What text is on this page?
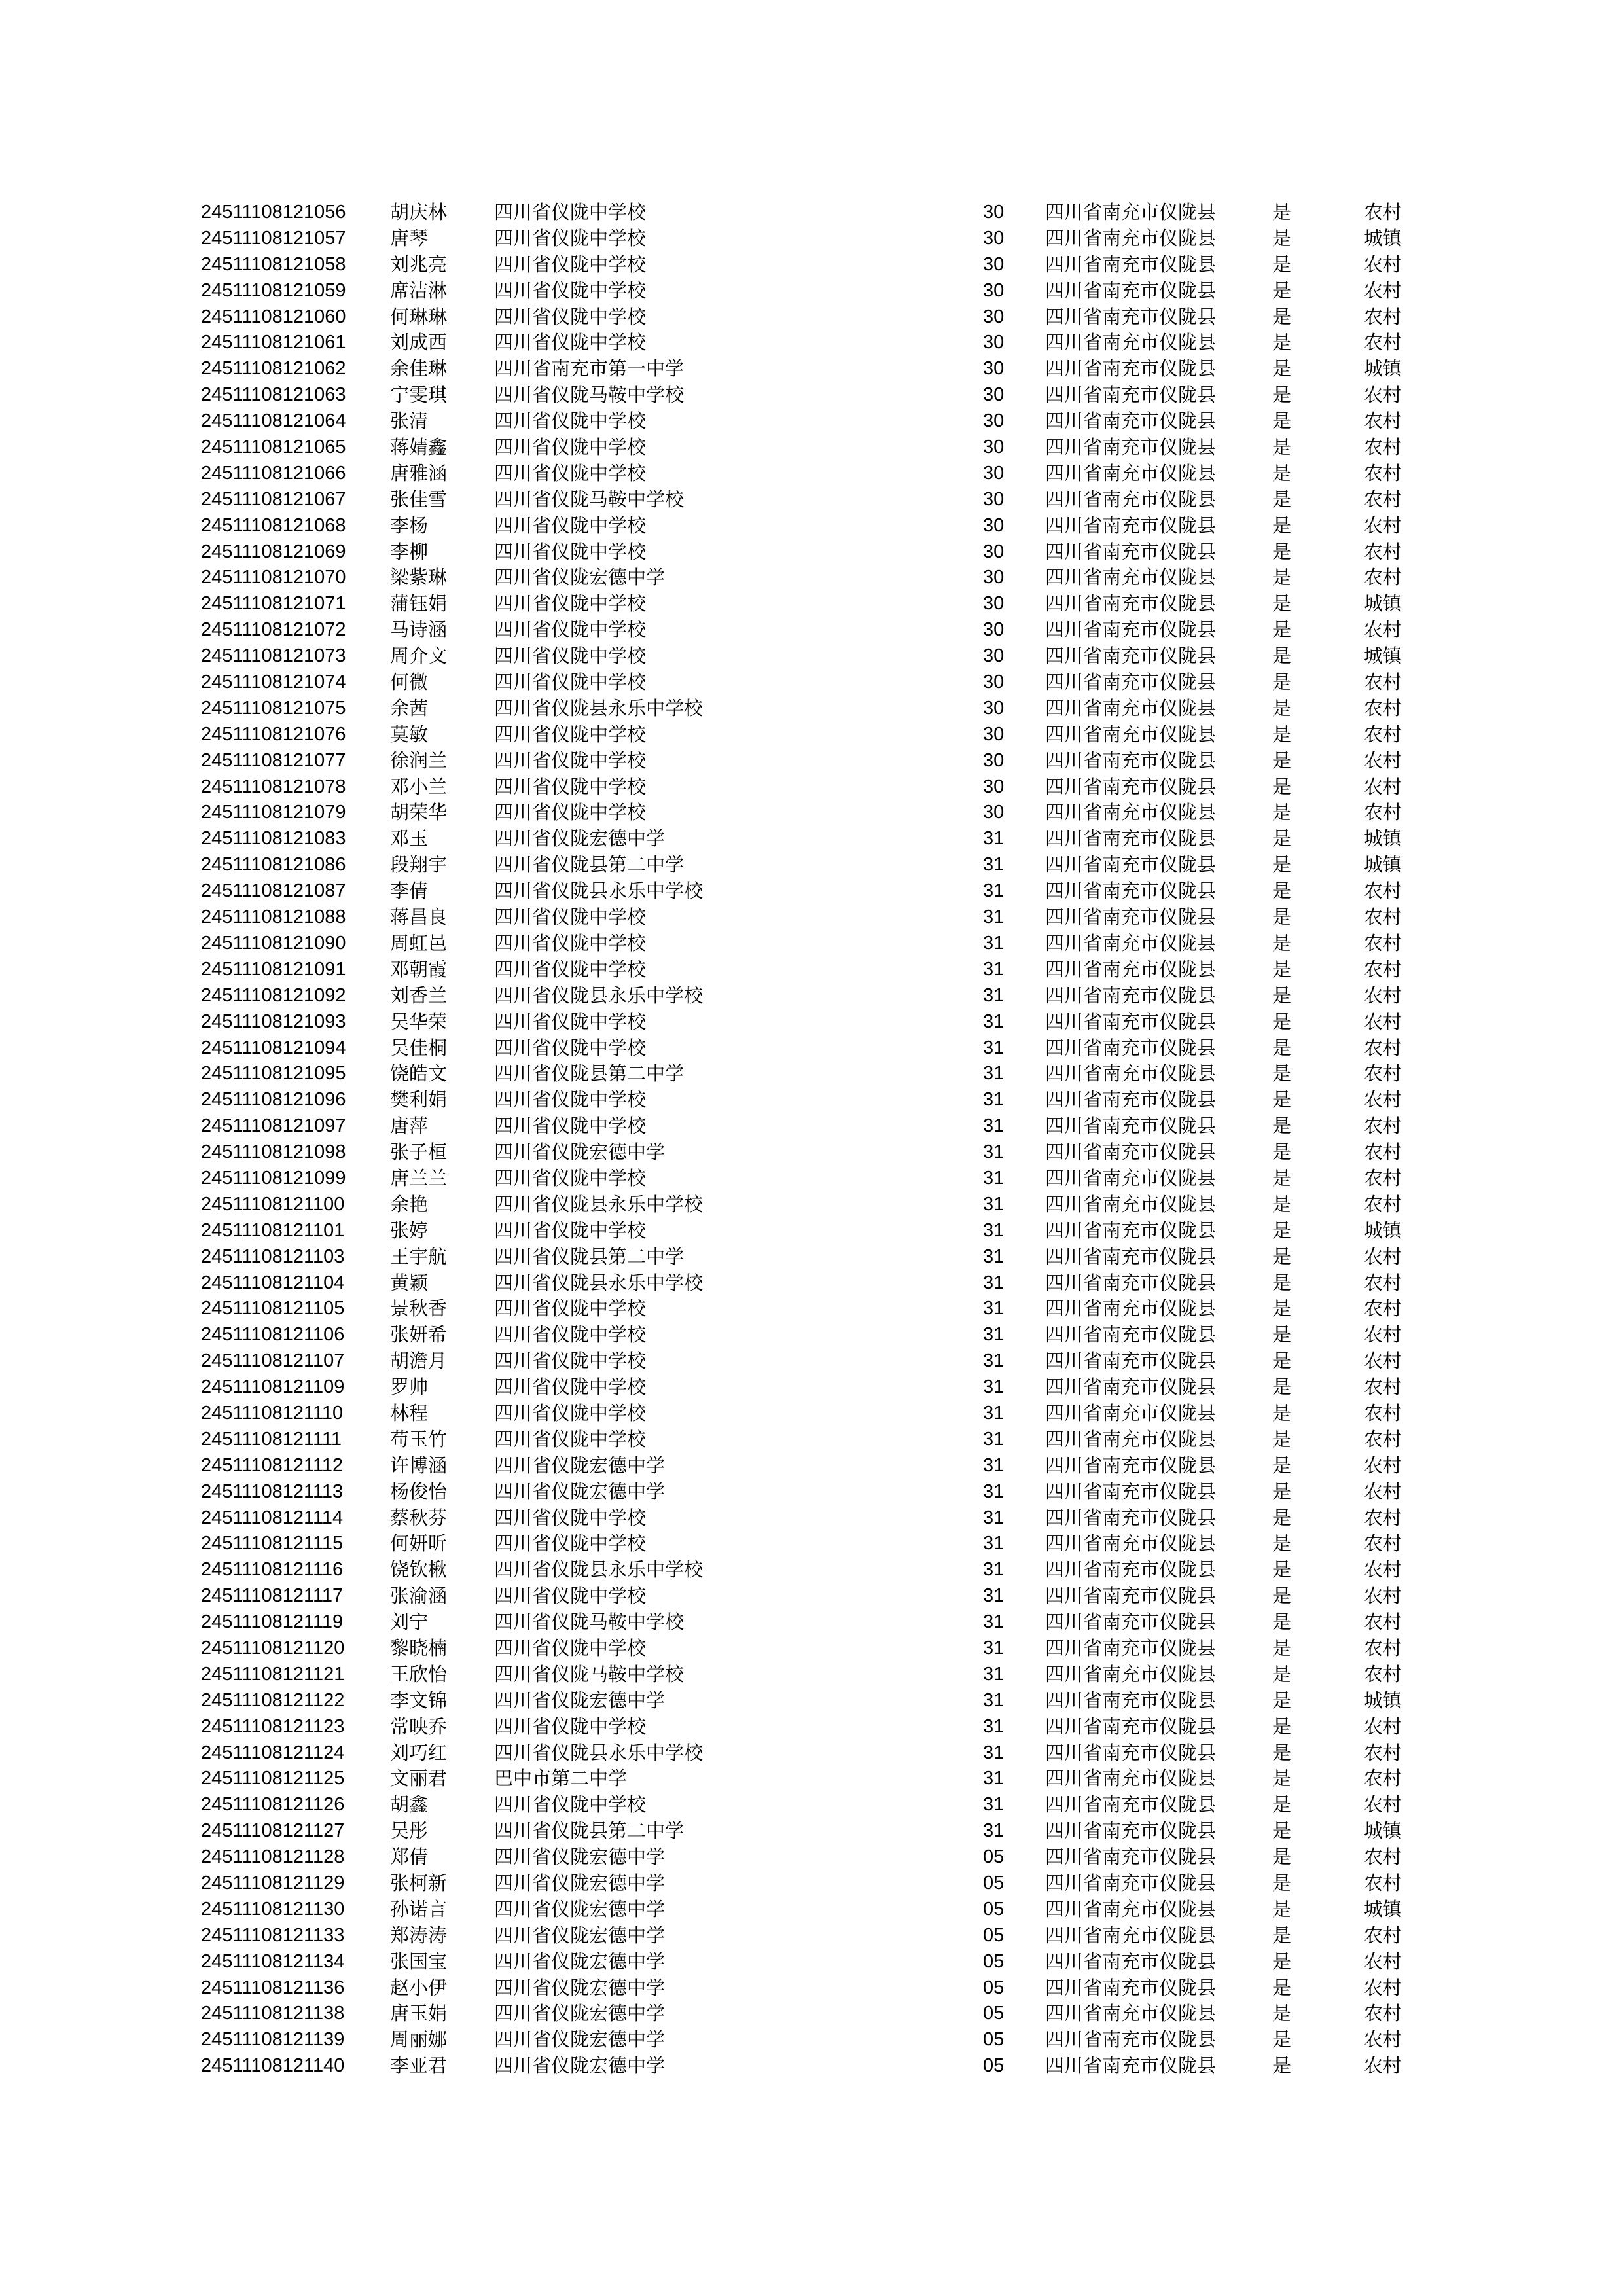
24511108121056 胡庆林 四川省仪陇中学校	30 四川省南充市仪陇县	是	农村
24511108121057 唐琴	四川省仪陇中学校	30 四川省南充市仪陇县	是	城镇
24511108121058 刘兆亮 四川省仪陇中学校	30 四川省南充市仪陇县	是	农村
24511108121059 席洁淋 四川省仪陇中学校	30 四川省南充市仪陇县	是	农村
24511108121060 何琳琳 四川省仪陇中学校	30 四川省南充市仪陇县	是	农村
24511108121061 刘成西 四川省仪陇中学校	30 四川省南充市仪陇县	是	农村
24511108121062 余佳琳 四川省南充市第一中学	30 四川省南充市仪陇县	是	城镇
24511108121063 宁雯琪 四川省仪陇马鞍中学校	30 四川省南充市仪陇县	是	农村
24511108121064 张清	四川省仪陇中学校	30 四川省南充市仪陇县	是	农村
24511108121065 蒋婧鑫 四川省仪陇中学校	30 四川省南充市仪陇县	是	农村
24511108121066 唐雅涵 四川省仪陇中学校	30 四川省南充市仪陇县	是	农村
24511108121067 张佳雪 四川省仪陇马鞍中学校	30 四川省南充市仪陇县	是	农村
24511108121068 李杨	四川省仪陇中学校	30 四川省南充市仪陇县	是	农村
24511108121069 李柳	四川省仪陇中学校	30 四川省南充市仪陇县	是	农村
24511108121070 梁紫琳 四川省仪陇宏德中学	30 四川省南充市仪陇县	是	农村
24511108121071 蒲钰娟 四川省仪陇中学校	30 四川省南充市仪陇县	是	城镇
24511108121072 马诗涵 四川省仪陇中学校	30 四川省南充市仪陇县	是	农村
24511108121073 周介文 四川省仪陇中学校	30 四川省南充市仪陇县	是	城镇
24511108121074 何微	四川省仪陇中学校	30 四川省南充市仪陇县	是	农村
24511108121075 余茜	四川省仪陇县永乐中学校	30 四川省南充市仪陇县	是	农村
24511108121076 莫敏	四川省仪陇中学校	30 四川省南充市仪陇县	是	农村
24511108121077 徐润兰 四川省仪陇中学校	30 四川省南充市仪陇县	是	农村
24511108121078 邓小兰 四川省仪陇中学校	30 四川省南充市仪陇县	是	农村
24511108121079 胡荣华 四川省仪陇中学校	30 四川省南充市仪陇县	是	农村
24511108121083 邓玉	四川省仪陇宏德中学	31 四川省南充市仪陇县	是	城镇
24511108121086 段翔宇 四川省仪陇县第二中学	31 四川省南充市仪陇县	是	城镇
24511108121087 李倩	四川省仪陇县永乐中学校	31 四川省南充市仪陇县	是	农村
24511108121088 蒋昌良 四川省仪陇中学校	31 四川省南充市仪陇县	是	农村
24511108121090 周虹邑 四川省仪陇中学校	31 四川省南充市仪陇县	是	农村
24511108121091 邓朝霞 四川省仪陇中学校	31 四川省南充市仪陇县	是	农村
24511108121092 刘香兰 四川省仪陇县永乐中学校	31 四川省南充市仪陇县	是	农村
24511108121093 吴华荣 四川省仪陇中学校	31 四川省南充市仪陇县	是	农村
24511108121094 吴佳桐 四川省仪陇中学校	31 四川省南充市仪陇县	是	农村
24511108121095 饶皓文 四川省仪陇县第二中学	31 四川省南充市仪陇县	是	农村
24511108121096 樊利娟 四川省仪陇中学校	31 四川省南充市仪陇县	是	农村
24511108121097 唐萍	四川省仪陇中学校	31 四川省南充市仪陇县	是	农村
24511108121098 张子桓 四川省仪陇宏德中学	31 四川省南充市仪陇县	是	农村
24511108121099 唐兰兰 四川省仪陇中学校	31 四川省南充市仪陇县	是	农村
24511108121100 余艳	四川省仪陇县永乐中学校	31 四川省南充市仪陇县	是	农村
24511108121101 张婷	四川省仪陇中学校	31 四川省南充市仪陇县	是	城镇
24511108121103 王宇航 四川省仪陇县第二中学	31 四川省南充市仪陇县	是	农村
24511108121104 黄颖	四川省仪陇县永乐中学校	31 四川省南充市仪陇县	是	农村
24511108121105 景秋香 四川省仪陇中学校	31 四川省南充市仪陇县	是	农村
24511108121106 张妍希 四川省仪陇中学校	31 四川省南充市仪陇县	是	农村
24511108121107 胡澹月 四川省仪陇中学校	31 四川省南充市仪陇县	是	农村
24511108121109 罗帅	四川省仪陇中学校	31 四川省南充市仪陇县	是	农村
24511108121110 林程	四川省仪陇中学校	31 四川省南充市仪陇县	是	农村
24511108121111	苟玉竹 四川省仪陇中学校	31 四川省南充市仪陇县	是	农村
24511108121112 许博涵 四川省仪陇宏德中学	31 四川省南充市仪陇县	是	农村
24511108121113 杨俊怡 四川省仪陇宏德中学	31 四川省南充市仪陇县	是	农村
24511108121114 蔡秋芬 四川省仪陇中学校	31 四川省南充市仪陇县	是	农村
24511108121115 何妍昕 四川省仪陇中学校	31 四川省南充市仪陇县	是	农村
24511108121116 饶钦楸 四川省仪陇县永乐中学校	31 四川省南充市仪陇县	是	农村
24511108121117 张渝涵 四川省仪陇中学校	31 四川省南充市仪陇县	是	农村
24511108121119 刘宁	四川省仪陇马鞍中学校	31 四川省南充市仪陇县	是	农村
24511108121120 黎晓楠 四川省仪陇中学校	31 四川省南充市仪陇县	是	农村
24511108121121 王欣怡 四川省仪陇马鞍中学校	31 四川省南充市仪陇县	是	农村
24511108121122 李文锦 四川省仪陇宏德中学	31 四川省南充市仪陇县	是	城镇
24511108121123 常映乔 四川省仪陇中学校	31 四川省南充市仪陇县	是	农村
24511108121124 刘巧红 四川省仪陇县永乐中学校	31 四川省南充市仪陇县	是	农村
24511108121125 文丽君 巴中市第二中学	31 四川省南充市仪陇县	是	农村
24511108121126 胡鑫	四川省仪陇中学校	31 四川省南充市仪陇县	是	农村
24511108121127 吴彤	四川省仪陇县第二中学	31 四川省南充市仪陇县	是	城镇
24511108121128 郑倩	四川省仪陇宏德中学	05 四川省南充市仪陇县	是	农村
24511108121129 张柯新 四川省仪陇宏德中学	05 四川省南充市仪陇县	是	农村
24511108121130 孙诺言 四川省仪陇宏德中学	05 四川省南充市仪陇县	是	城镇
24511108121133 郑涛涛 四川省仪陇宏德中学	05 四川省南充市仪陇县	是	农村
24511108121134 张国宝 四川省仪陇宏德中学	05 四川省南充市仪陇县	是	农村
24511108121136 赵小伊 四川省仪陇宏德中学	05 四川省南充市仪陇县	是	农村
24511108121138 唐玉娟 四川省仪陇宏德中学	05 四川省南充市仪陇县	是	农村
24511108121139 周丽娜 四川省仪陇宏德中学	05 四川省南充市仪陇县	是	农村
24511108121140 李亚君 四川省仪陇宏德中学	05 四川省南充市仪陇县	是	农村
